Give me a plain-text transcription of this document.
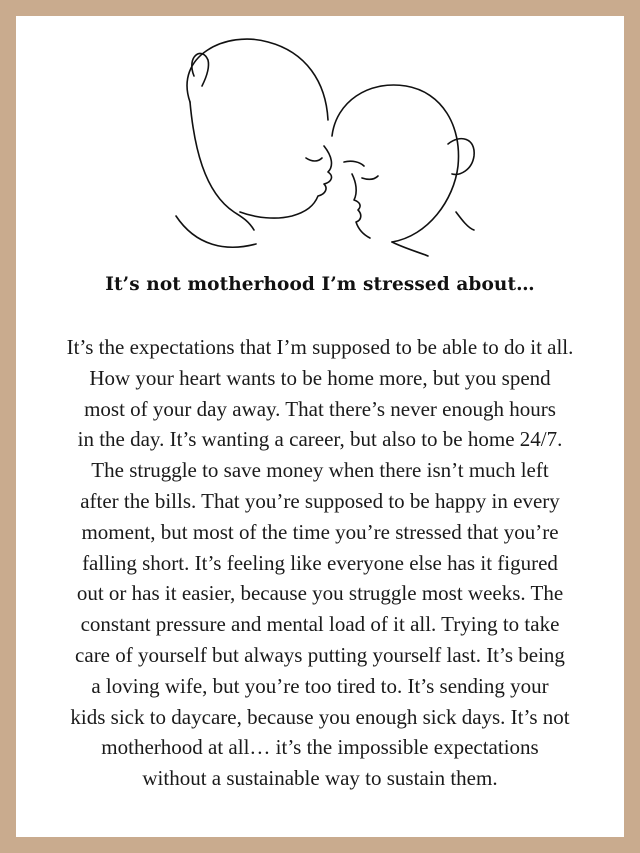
It’s not motherhood I’m stressed about…
It’s the expectations that I’m supposed to be able to do it all.
How your heart wants to be home more, but you spend
most of your day away. That there’s never enough hours
in the day. It’s wanting a career, but also to be home 24/7.
The struggle to save money when there isn’t much left
after the bills. That you’re supposed to be happy in every
moment, but most of the time you’re stressed that you’re
falling short. It’s feeling like everyone else has it figured
out or has it easier, because you struggle most weeks. The
constant pressure and mental load of it all. Trying to take
care of yourself but always putting yourself last. It’s being
a loving wife, but you’re too tired to. It’s sending your
kids sick to daycare, because you enough sick days. It’s not
motherhood at all… it’s the impossible expectations
without a sustainable way to sustain them.
